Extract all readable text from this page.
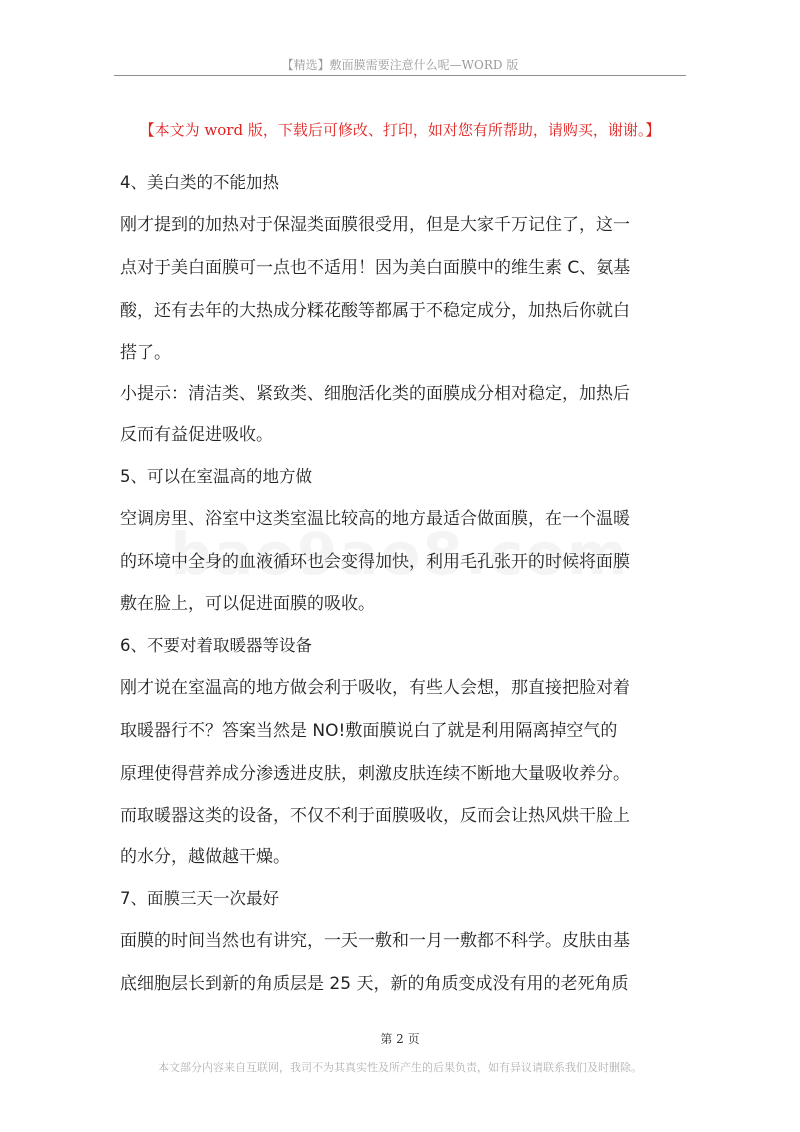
【精选】敷面膜需要注意什么呢—WORD 版
【本文为 word 版，下载后可修改、打印，如对您有所帮助，请购买，谢谢。】
4、美白类的不能加热
刚才提到的加热对于保湿类面膜很受用，但是大家千万记住了，这一
点对于美白面膜可一点也不适用！因为美白面膜中的维生素 C、氨基
酸，还有去年的大热成分糅花酸等都属于不稳定成分，加热后你就白
搭了。
小提示：清洁类、紧致类、细胞活化类的面膜成分相对稳定，加热后
反而有益促进吸收。
5、可以在室温高的地方做
空调房里、浴室中这类室温比较高的地方最适合做面膜，在一个温暖
的环境中全身的血液循环也会变得加快，利用毛孔张开的时候将面膜
敷在脸上，可以促进面膜的吸收。
6、不要对着取暖器等设备
刚才说在室温高的地方做会利于吸收，有些人会想，那直接把脸对着
取暖器行不？答案当然是 NO!敷面膜说白了就是利用隔离掉空气的
原理使得营养成分渗透进皮肤，刺激皮肤连续不断地大量吸收养分。
而取暖器这类的设备，不仅不利于面膜吸收，反而会让热风烘干脸上
的水分，越做越干燥。
7、面膜三天一次最好
面膜的时间当然也有讲究，一天一敷和一月一敷都不科学。皮肤由基
底细胞层长到新的角质层是 25 天，新的角质变成没有用的老死角质
第 2 页
本文部分内容来自互联网，我司不为其真实性及所产生的后果负责，如有异议请联系我们及时删除。
